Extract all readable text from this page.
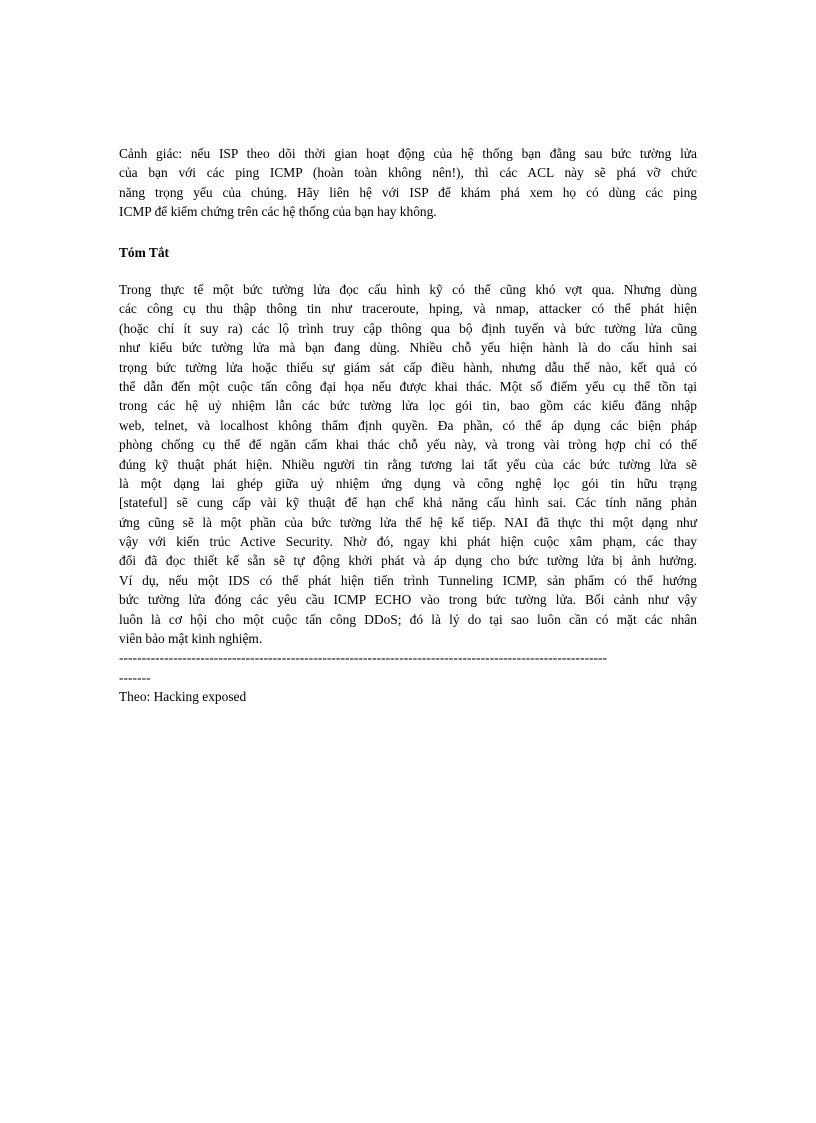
Cảnh giác: nếu ISP theo dõi thời gian hoạt động của hệ thống bạn đằng sau bức tường lửa
của bạn với các ping ICMP (hoàn toàn không nên!), thì các ACL này sẽ phá vỡ chức
năng trọng yếu của chúng. Hãy liên hệ với ISP để khám phá xem họ có dùng các ping
ICMP để kiểm chứng trên các hệ thống của bạn hay không.
Tóm Tắt
Trong thực tế một bức tường lửa đọc cấu hình kỹ có thể cũng khó vợt qua. Nhưng dùng
các công cụ thu thập thông tin như traceroute, hping, và nmap, attacker có thể phát hiện
(hoặc chí ít suy ra) các lộ trình truy cập thông qua bộ định tuyến và bức tường lửa cũng
như kiểu bức tường lửa mà bạn đang dùng. Nhiều chỗ yếu hiện hành là do cấu hình sai
trọng bức tường lửa hoặc thiếu sự giám sát cấp điều hành, nhưng dẫu thế nào, kết quả có
thể dẫn đến một cuộc tấn công đại họa nếu được khai thác. Một số điểm yếu cụ thể tồn tại
trong các hệ uỷ nhiệm lẫn các bức tường lửa lọc gói tin, bao gồm các kiểu đăng nhập
web, telnet, và localhost không thẩm định quyền. Đa phần, có thể áp dụng các biện pháp
phòng chống cụ thể để ngăn cấm khai thác chỗ yếu này, và trong vài tròng hợp chỉ có thể
đúng kỹ thuật phát hiện. Nhiều người tin rằng tương lai tất yếu của các bức tường lửa sẽ
là một dạng lai ghép giữa uỷ nhiệm ứng dụng và công nghệ lọc gói tin hữu trạng
[stateful] sẽ cung cấp vài kỹ thuật để hạn chế khả năng cấu hình sai. Các tính năng phản
ứng cũng sẽ là một phần của bức tường lửa thế hệ kế tiếp. NAI đã thực thi một dạng như
vậy với kiến trúc Active Security. Nhờ đó, ngay khi phát hiện cuộc xâm phạm, các thay
đổi đã đọc thiết kế sẵn sẽ tự động khởi phát và áp dụng cho bức tường lửa bị ảnh hưởng.
Ví dụ, nếu một IDS có thể phát hiện tiến trình Tunneling ICMP, sản phẩm có thể hướng
bức tường lửa đóng các yêu cầu ICMP ECHO vào trong bức tường lửa. Bối cảnh như vậy
luôn là cơ hội cho một cuộc tấn công DDoS; đó là lý do tại sao luôn cần có mặt các nhân
viên bảo mật kinh nghiệm.
------------------------------------------------------------------------------------------------------------
-------
Theo: Hacking exposed
